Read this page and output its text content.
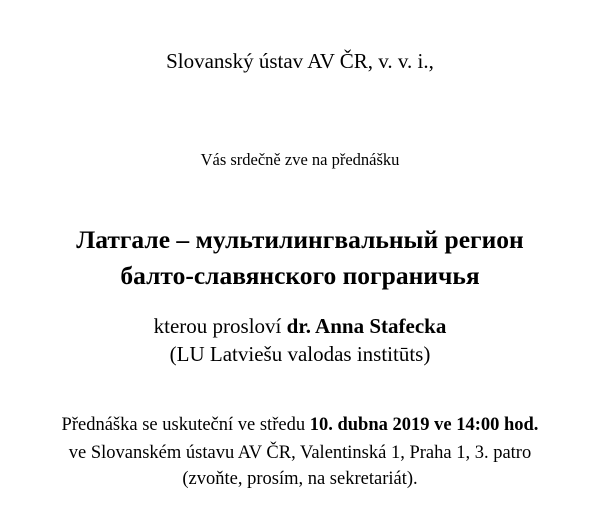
Slovanský ústav AV ČR, v. v. i.,
Vás srdečně zve na přednášku
Латгале – мультилингвальный регион
балто-славянского пограничья
kterou prosloví dr. Anna Stafecka
(LU Latviešu valodas institūts)
Přednáška se uskuteční ve středu 10. dubna 2019 ve 14:00 hod.
ve Slovanském ústavu AV ČR, Valentinská 1, Praha 1, 3. patro
(zvoňte, prosím, na sekretariát).
